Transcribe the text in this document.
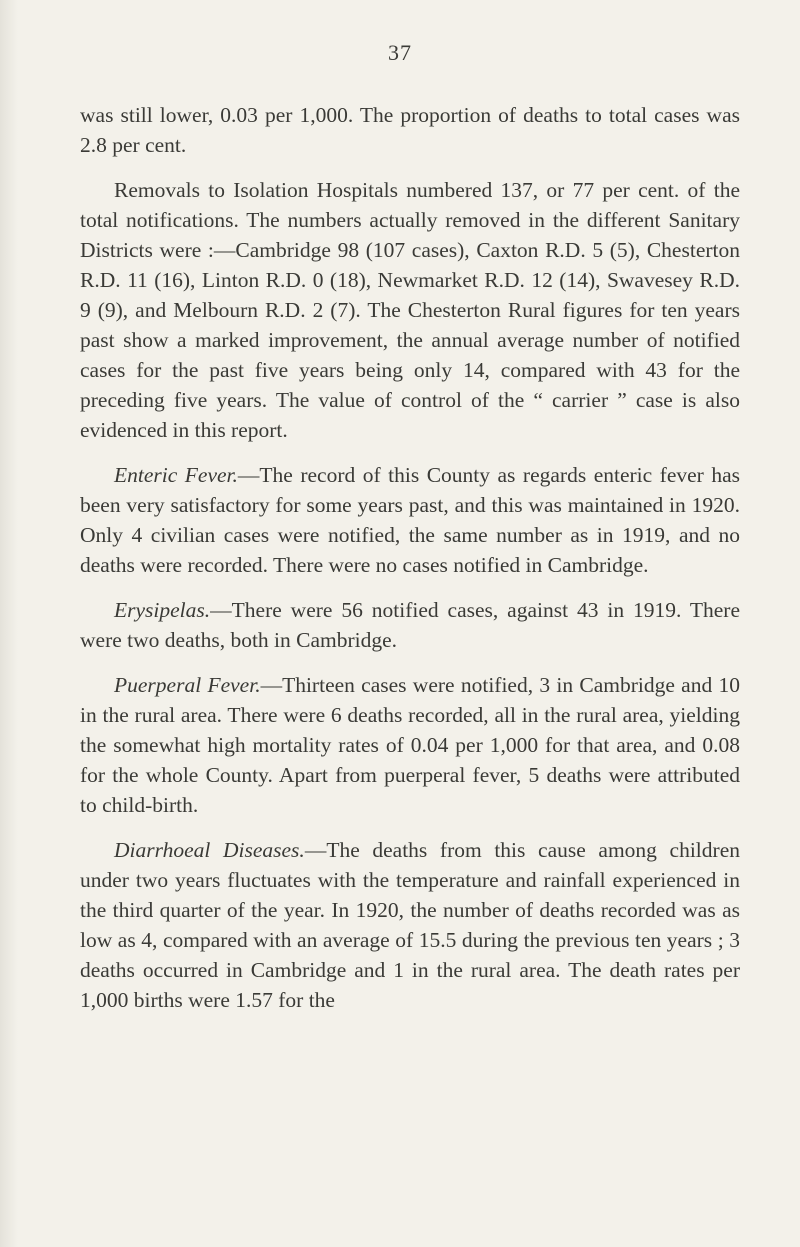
37

was still lower, 0.03 per 1,000. The proportion of deaths to total cases was 2.8 per cent.

Removals to Isolation Hospitals numbered 137, or 77 per cent. of the total notifications. The numbers actually removed in the different Sanitary Districts were :—Cambridge 98 (107 cases), Caxton R.D. 5 (5), Chesterton R.D. 11 (16), Linton R.D. 0 (18), Newmarket R.D. 12 (14), Swavesey R.D. 9 (9), and Melbourn R.D. 2 (7). The Chesterton Rural figures for ten years past show a marked improvement, the annual average number of notified cases for the past five years being only 14, compared with 43 for the preceding five years. The value of control of the “ carrier ” case is also evidenced in this report.

Enteric Fever.—The record of this County as regards enteric fever has been very satisfactory for some years past, and this was maintained in 1920. Only 4 civilian cases were notified, the same number as in 1919, and no deaths were recorded. There were no cases notified in Cambridge.

Erysipelas.—There were 56 notified cases, against 43 in 1919. There were two deaths, both in Cambridge.

Puerperal Fever.—Thirteen cases were notified, 3 in Cambridge and 10 in the rural area. There were 6 deaths recorded, all in the rural area, yielding the somewhat high mortality rates of 0.04 per 1,000 for that area, and 0.08 for the whole County. Apart from puerperal fever, 5 deaths were attributed to child-birth.

Diarrhoeal Diseases.—The deaths from this cause among children under two years fluctuates with the temperature and rainfall experienced in the third quarter of the year. In 1920, the number of deaths recorded was as low as 4, compared with an average of 15.5 during the previous ten years ; 3 deaths occurred in Cambridge and 1 in the rural area. The death rates per 1,000 births were 1.57 for the
